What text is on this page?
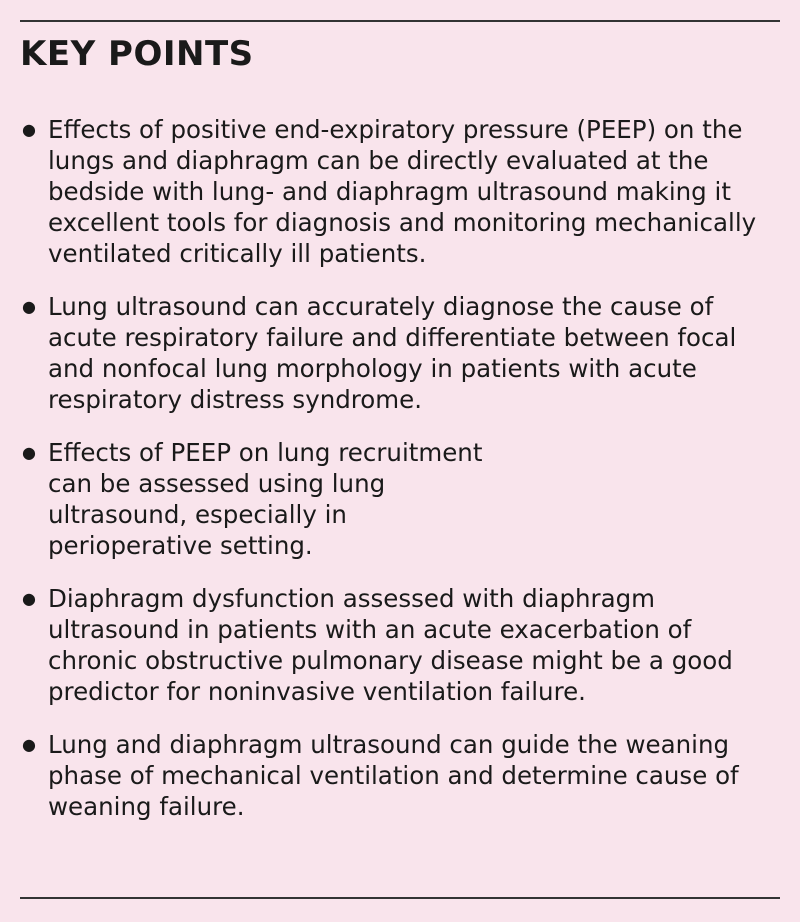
KEY POINTS
● Effects of positive end-expiratory pressure (PEEP) on the lungs and diaphragm can be directly evaluated at the bedside with lung- and diaphragm ultrasound making it excellent tools for diagnosis and monitoring mechanically ventilated critically ill patients.
● Lung ultrasound can accurately diagnose the cause of acute respiratory failure and differentiate between focal and nonfocal lung morphology in patients with acute respiratory distress syndrome.
● Effects of PEEP on lung recruitment can be assessed using lung ultrasound, especially in perioperative setting.
● Diaphragm dysfunction assessed with diaphragm ultrasound in patients with an acute exacerbation of chronic obstructive pulmonary disease might be a good predictor for noninvasive ventilation failure.
● Lung and diaphragm ultrasound can guide the weaning phase of mechanical ventilation and determine cause of weaning failure.
